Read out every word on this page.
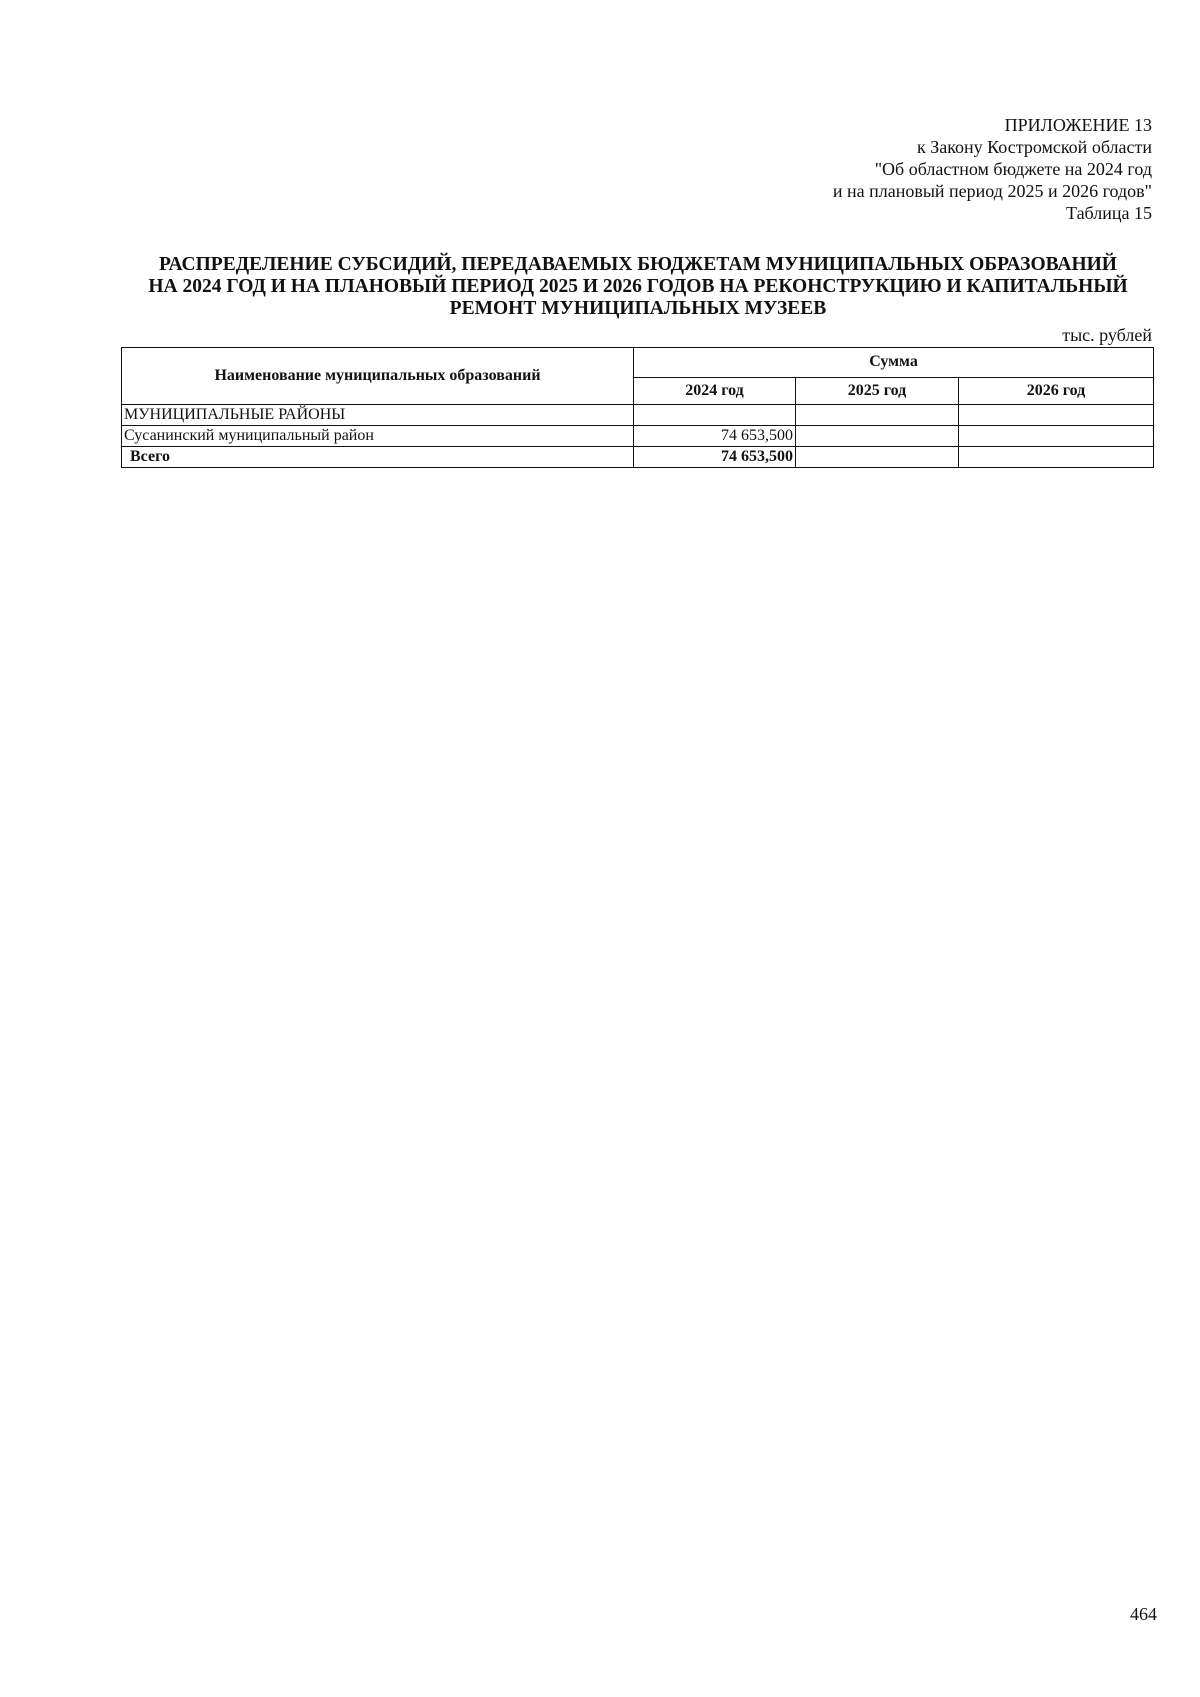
ПРИЛОЖЕНИЕ 13
к Закону Костромской области
"Об областном бюджете на 2024 год
и на плановый период 2025 и 2026 годов"
Таблица 15
РАСПРЕДЕЛЕНИЕ СУБСИДИЙ, ПЕРЕДАВАЕМЫХ БЮДЖЕТАМ МУНИЦИПАЛЬНЫХ ОБРАЗОВАНИЙ
НА 2024 ГОД И НА ПЛАНОВЫЙ ПЕРИОД 2025 И 2026 ГОДОВ НА РЕКОНСТРУКЦИЮ И КАПИТАЛЬНЫЙ
РЕМОНТ МУНИЦИПАЛЬНЫХ МУЗЕЕВ
тыс. рублей
Наименование муниципальных образований	Сумма		
	2024 год	2025 год	2026 год
МУНИЦИПАЛЬНЫЕ РАЙОНЫ			
Сусанинский муниципальный район	74 653,500		
Всего	74 653,500		
464
